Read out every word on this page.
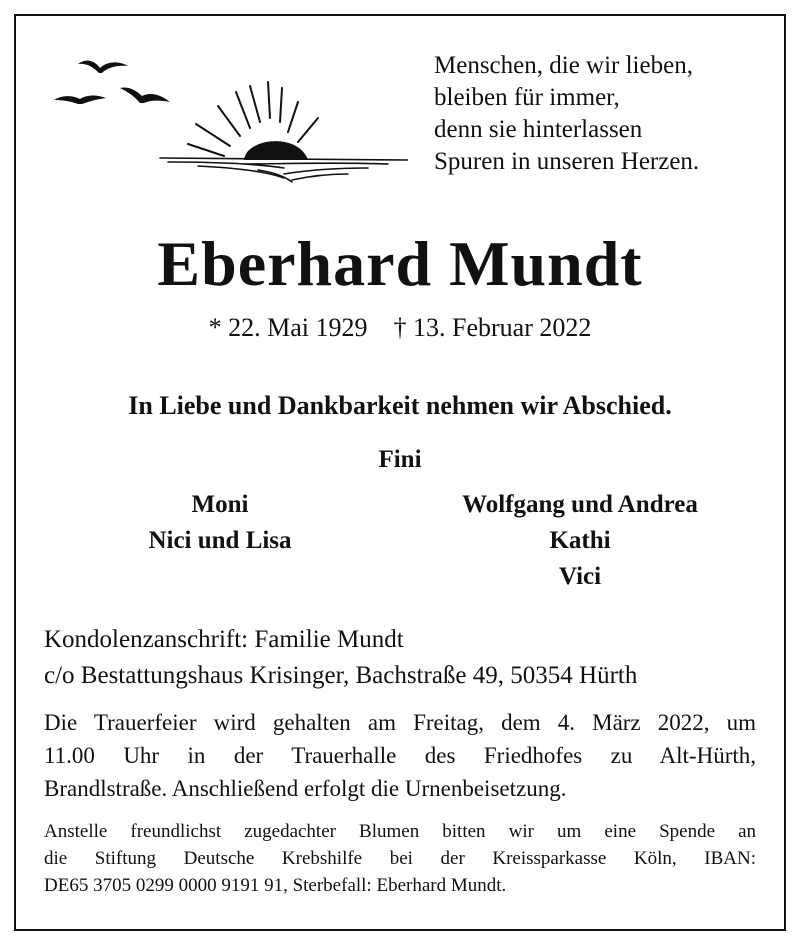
Menschen, die wir lieben,
bleiben für immer,
denn sie hinterlassen
Spuren in unseren Herzen.
Eberhard Mundt
* 22. Mai 1929    † 13. Februar 2022
In Liebe und Dankbarkeit nehmen wir Abschied.
Fini
Moni
Nici und Lisa
Wolfgang und Andrea
Kathi
Vici
Kondolenzanschrift: Familie Mundt
c/o Bestattungshaus Krisinger, Bachstraße 49, 50354 Hürth
Die Trauerfeier wird gehalten am Freitag, dem 4. März 2022, um
11.00 Uhr in der Trauerhalle des Friedhofes zu Alt-Hürth,
Brandlstraße. Anschließend erfolgt die Urnenbeisetzung.
Anstelle freundlichst zugedachter Blumen bitten wir um eine Spende an
die Stiftung Deutsche Krebshilfe bei der Kreissparkasse Köln, IBAN:
DE65 3705 0299 0000 9191 91, Sterbefall: Eberhard Mundt.
